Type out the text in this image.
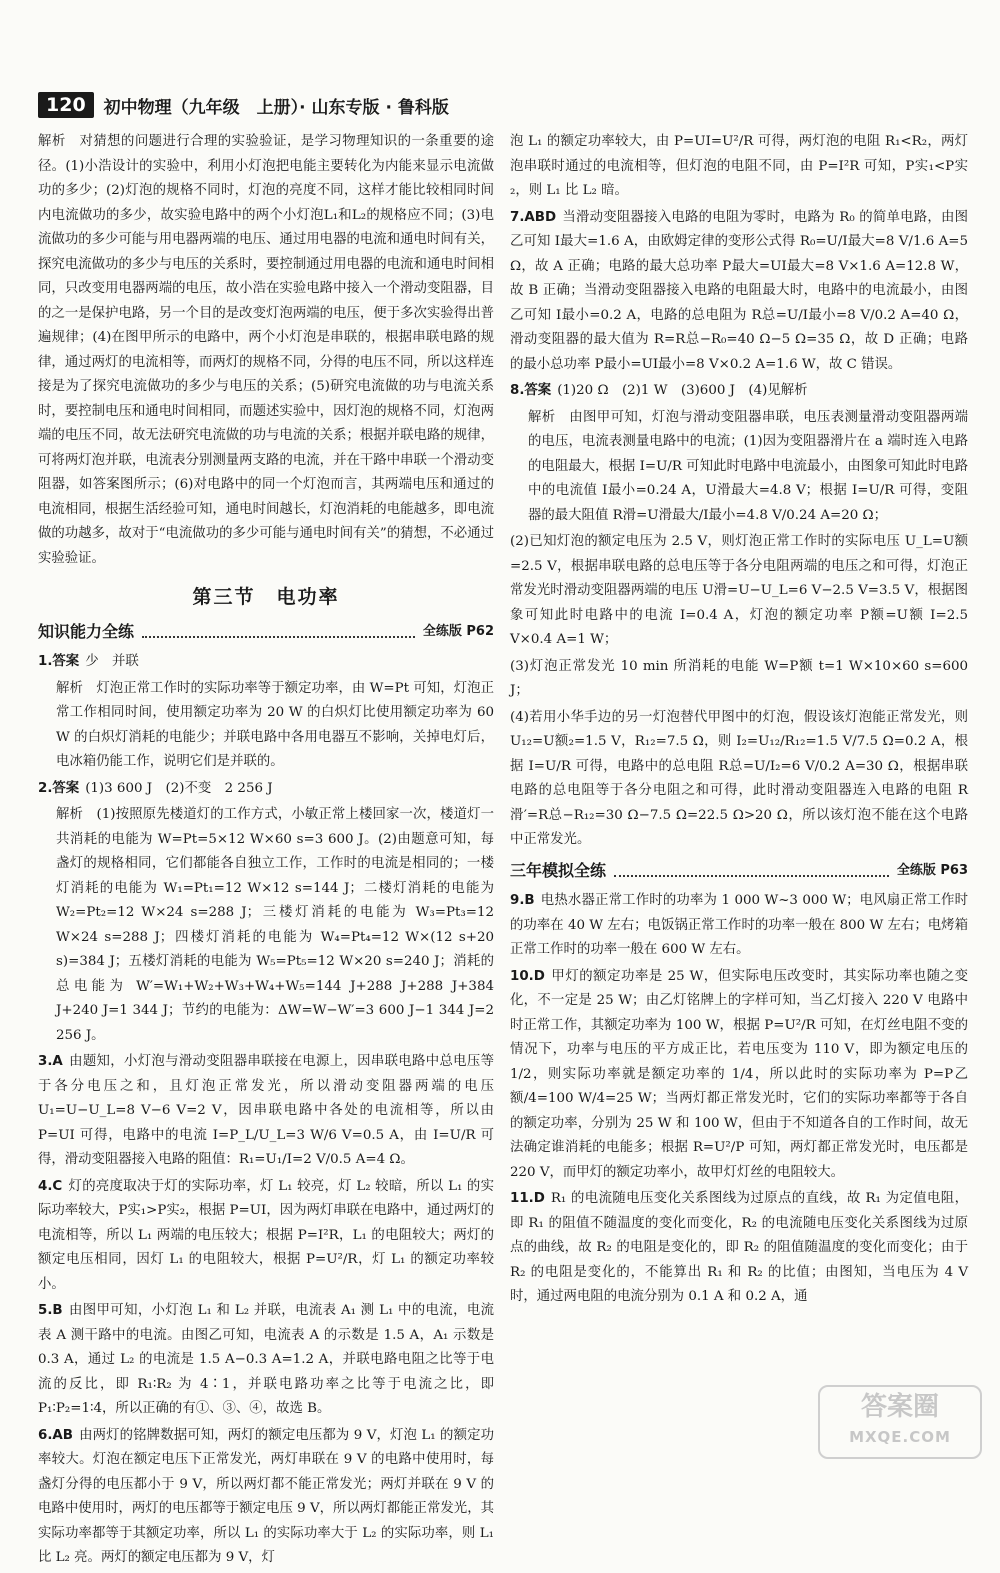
120	初中物理（九年级　上册）· 山东专版 · 鲁科版

解析　对猜想的问题进行合理的实验验证，是学习物理知识的一条重要的途径。(1)小浩设计的实验中，利用小灯泡把电能主要转化为内能来显示电流做功的多少；(2)灯泡的规格不同时，灯泡的亮度不同，这样才能比较相同时间内电流做功的多少，故实验电路中的两个小灯泡L₁和L₂的规格应不同；(3)电流做功的多少可能与用电器两端的电压、通过用电器的电流和通电时间有关，探究电流做功的多少与电压的关系时，要控制通过用电器的电流和通电时间相同，只改变用电器两端的电压，故小浩在实验电路中接入一个滑动变阻器，目的之一是保护电路，另一个目的是改变灯泡两端的电压，便于多次实验得出普遍规律；(4)在图甲所示的电路中，两个小灯泡是串联的，根据串联电路的规律，通过两灯的电流相等，而两灯的规格不同，分得的电压不同，所以这样连接是为了探究电流做功的多少与电压的关系；(5)研究电流做的功与电流关系时，要控制电压和通电时间相同，而题述实验中，因灯泡的规格不同，灯泡两端的电压不同，故无法研究电流做的功与电流的关系；根据并联电路的规律，可将两灯泡并联，电流表分别测量两支路的电流，并在干路中串联一个滑动变阻器，如答案图所示；(6)对电路中的同一个灯泡而言，其两端电压和通过的电流相同，根据生活经验可知，通电时间越长，灯泡消耗的电能越多，即电流做的功越多，故对于“电流做功的多少可能与通电时间有关”的猜想，不必通过实验验证。

第三节　电功率
知识能力全练	全练版 P62

1.答案 少　并联

解析　灯泡正常工作时的实际功率等于额定功率，由 W=Pt 可知，灯泡正常工作相同时间，使用额定功率为 20 W 的白炽灯比使用额定功率为 60 W 的白炽灯消耗的电能少；并联电路中各用电器互不影响，关掉电灯后，电冰箱仍能工作，说明它们是并联的。

2.答案 (1)3 600 J　(2)不变　2 256 J

解析　(1)按照原先楼道灯的工作方式，小敏正常上楼回家一次，楼道灯一共消耗的电能为 W=Pt=5×12 W×60 s=3 600 J。(2)由题意可知，每盏灯的规格相同，它们都能各自独立工作，工作时的电流是相同的；一楼灯消耗的电能为 W₁=Pt₁=12 W×12 s=144 J；二楼灯消耗的电能为 W₂=Pt₂=12 W×24 s=288 J；三楼灯消耗的电能为 W₃=Pt₃=12 W×24 s=288 J；四楼灯消耗的电能为 W₄=Pt₄=12 W×(12 s+20 s)=384 J；五楼灯消耗的电能为 W₅=Pt₅=12 W×20 s=240 J；消耗的总电能为 W′=W₁+W₂+W₃+W₄+W₅=144 J+288 J+288 J+384 J+240 J=1 344 J；节约的电能为：ΔW=W−W′=3 600 J−1 344 J=2 256 J。

3.A 由题知，小灯泡与滑动变阻器串联接在电源上，因串联电路中总电压等于各分电压之和，且灯泡正常发光，所以滑动变阻器两端的电压 U₁=U−U_L=8 V−6 V=2 V，因串联电路中各处的电流相等，所以由 P=UI 可得，电路中的电流 I=P_L/U_L=3 W/6 V=0.5 A，由 I=U/R 可得，滑动变阻器接入电路的阻值：R₁=U₁/I=2 V/0.5 A=4 Ω。

4.C 灯的亮度取决于灯的实际功率，灯 L₁ 较亮，灯 L₂ 较暗，所以 L₁ 的实际功率较大，P实₁>P实₂，根据 P=UI，因为两灯串联在电路中，通过两灯的电流相等，所以 L₁ 两端的电压较大；根据 P=I²R，L₁ 的电阻较大；两灯的额定电压相同，因灯 L₁ 的电阻较大，根据 P=U²/R，灯 L₁ 的额定功率较小。

5.B 由图甲可知，小灯泡 L₁ 和 L₂ 并联，电流表 A₁ 测 L₁ 中的电流，电流表 A 测干路中的电流。由图乙可知，电流表 A 的示数是 1.5 A，A₁ 示数是 0.3 A，通过 L₂ 的电流是 1.5 A−0.3 A=1.2 A，并联电路电阻之比等于电流的反比，即 R₁∶R₂ 为 4∶1，并联电路功率之比等于电流之比，即 P₁∶P₂=1∶4，所以正确的有①、③、④，故选 B。

6.AB 由两灯的铭牌数据可知，两灯的额定电压都为 9 V，灯泡 L₁ 的额定功率较大。灯泡在额定电压下正常发光，两灯串联在 9 V 的电路中使用时，每盏灯分得的电压都小于 9 V，所以两灯都不能正常发光；两灯并联在 9 V 的电路中使用时，两灯的电压都等于额定电压 9 V，所以两灯都能正常发光，其实际功率都等于其额定功率，所以 L₁ 的实际功率大于 L₂ 的实际功率，则 L₁ 比 L₂ 亮。两灯的额定电压都为 9 V，灯

泡 L₁ 的额定功率较大，由 P=UI=U²/R 可得，两灯泡的电阻 R₁<R₂，两灯泡串联时通过的电流相等，但灯泡的电阻不同，由 P=I²R 可知，P实₁<P实₂，则 L₁ 比 L₂ 暗。

7.ABD 当滑动变阻器接入电路的电阻为零时，电路为 R₀ 的简单电路，由图乙可知 I最大=1.6 A，由欧姆定律的变形公式得 R₀=U/I最大=8 V/1.6 A=5 Ω，故 A 正确；电路的最大总功率 P最大=UI最大=8 V×1.6 A=12.8 W，故 B 正确；当滑动变阻器接入电路的电阻最大时，电路中的电流最小，由图乙可知 I最小=0.2 A，电路的总电阻为 R总=U/I最小=8 V/0.2 A=40 Ω，滑动变阻器的最大值为 R=R总−R₀=40 Ω−5 Ω=35 Ω，故 D 正确；电路的最小总功率 P最小=UI最小=8 V×0.2 A=1.6 W，故 C 错误。

8.答案 (1)20 Ω　(2)1 W　(3)600 J　(4)见解析

解析　由图甲可知，灯泡与滑动变阻器串联，电压表测量滑动变阻器两端的电压，电流表测量电路中的电流；(1)因为变阻器滑片在 a 端时连入电路的电阻最大，根据 I=U/R 可知此时电路中电流最小，由图象可知此时电路中的电流值 I最小=0.24 A，U滑最大=4.8 V；根据 I=U/R 可得，变阻器的最大阻值 R滑=U滑最大/I最小=4.8 V/0.24 A=20 Ω；

(2)已知灯泡的额定电压为 2.5 V，则灯泡正常工作时的实际电压 U_L=U额=2.5 V，根据串联电路的总电压等于各分电阻两端的电压之和可得，灯泡正常发光时滑动变阻器两端的电压 U滑=U−U_L=6 V−2.5 V=3.5 V，根据图象可知此时电路中的电流 I=0.4 A，灯泡的额定功率 P额=U额 I=2.5 V×0.4 A=1 W；

(3)灯泡正常发光 10 min 所消耗的电能 W=P额 t=1 W×10×60 s=600 J；

(4)若用小华手边的另一灯泡替代甲图中的灯泡，假设该灯泡能正常发光，则 U₁₂=U额₂=1.5 V，R₁₂=7.5 Ω，则 I₂=U₁₂/R₁₂=1.5 V/7.5 Ω=0.2 A，根据 I=U/R 可得，电路中的总电阻 R总=U/I₂=6 V/0.2 A=30 Ω，根据串联电路的总电阻等于各分电阻之和可得，此时滑动变阻器连入电路的电阻 R滑′=R总−R₁₂=30 Ω−7.5 Ω=22.5 Ω>20 Ω，所以该灯泡不能在这个电路中正常发光。

三年模拟全练	全练版 P63

9.B 电热水器正常工作时的功率为 1 000 W~3 000 W；电风扇正常工作时的功率在 40 W 左右；电饭锅正常工作时的功率一般在 800 W 左右；电烤箱正常工作时的功率一般在 600 W 左右。

10.D 甲灯的额定功率是 25 W，但实际电压改变时，其实际功率也随之变化，不一定是 25 W；由乙灯铭牌上的字样可知，当乙灯接入 220 V 电路中时正常工作，其额定功率为 100 W，根据 P=U²/R 可知，在灯丝电阻不变的情况下，功率与电压的平方成正比，若电压变为 110 V，即为额定电压的 1/2，则实际功率就是额定功率的 1/4，所以此时的实际功率为 P=P乙额/4=100 W/4=25 W；当两灯都正常发光时，它们的实际功率都等于各自的额定功率，分别为 25 W 和 100 W，但由于不知道各自的工作时间，故无法确定谁消耗的电能多；根据 R=U²/P 可知，两灯都正常发光时，电压都是 220 V，而甲灯的额定功率小，故甲灯灯丝的电阻较大。

11.D R₁ 的电流随电压变化关系图线为过原点的直线，故 R₁ 为定值电阻，即 R₁ 的阻值不随温度的变化而变化，R₂ 的电流随电压变化关系图线为过原点的曲线，故 R₂ 的电阻是变化的，即 R₂ 的阻值随温度的变化而变化；由于 R₂ 的电阻是变化的，不能算出 R₁ 和 R₂ 的比值；由图知，当电压为 4 V 时，通过两电阻的电流分别为 0.1 A 和 0.2 A，通

答案圈
MXQE.COM
